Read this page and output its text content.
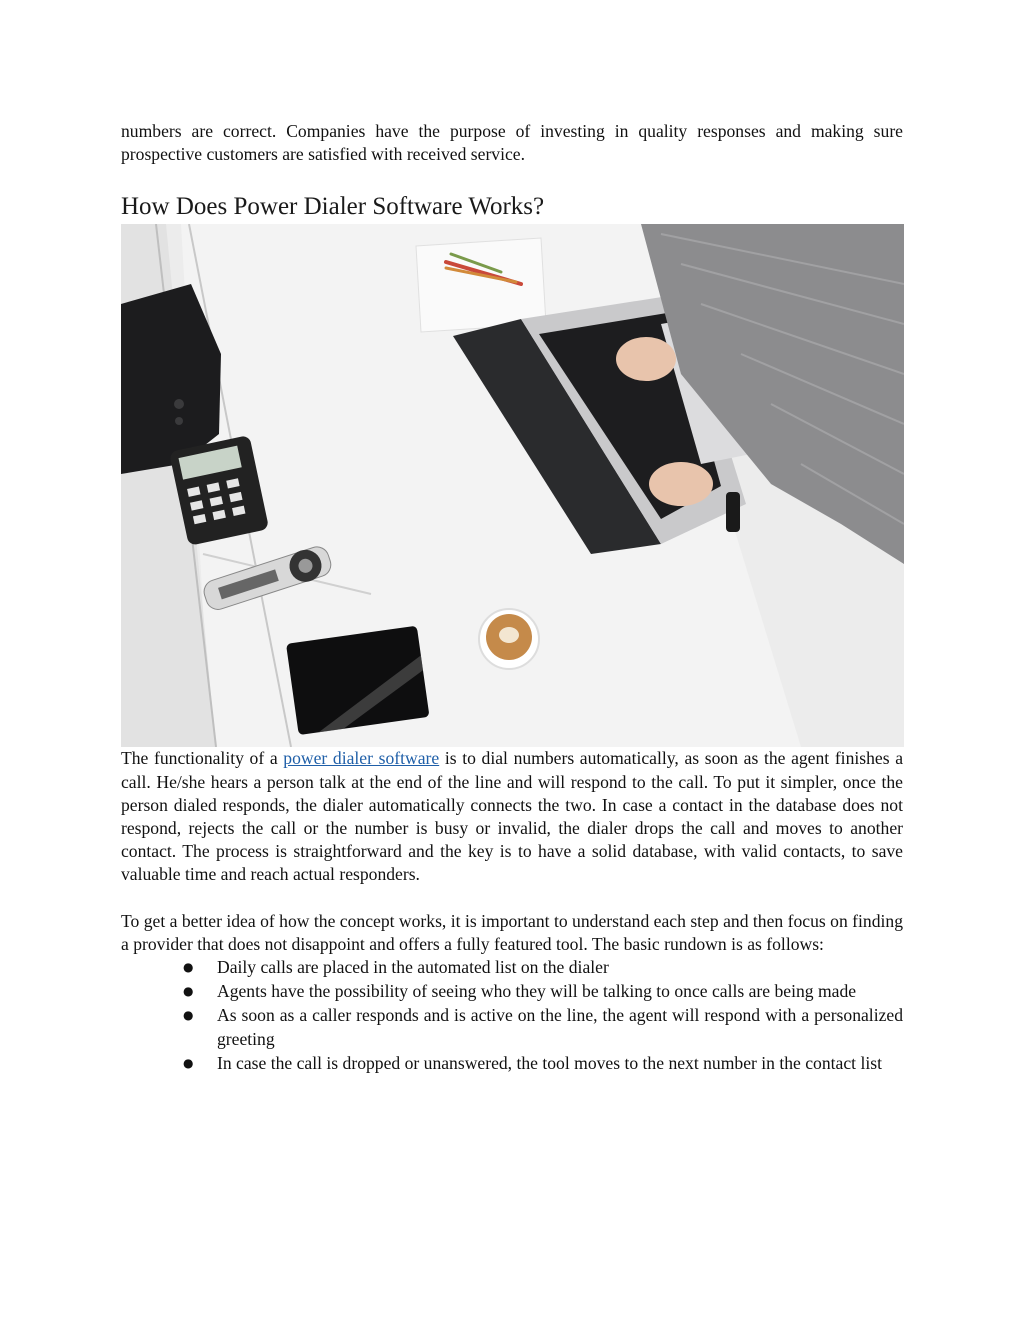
numbers are correct. Companies have the purpose of investing in quality responses and making sure prospective customers are satisfied with received service.

How Does Power Dialer Software Works?

The functionality of a power dialer software is to dial numbers automatically, as soon as the agent finishes a call. He/she hears a person talk at the end of the line and will respond to the call. To put it simpler, once the person dialed responds, the dialer automatically connects the two. In case a contact in the database does not respond, rejects the call or the number is busy or invalid, the dialer drops the call and moves to another contact. The process is straightforward and the key is to have a solid database, with valid contacts, to save valuable time and reach actual responders.

To get a better idea of how the concept works, it is important to understand each step and then focus on finding a provider that does not disappoint and offers a fully featured tool. The basic rundown is as follows:

● Daily calls are placed in the automated list on the dialer
● Agents have the possibility of seeing who they will be talking to once calls are being made
● As soon as a caller responds and is active on the line, the agent will respond with a personalized greeting
● In case the call is dropped or unanswered, the tool moves to the next number in the contact list
